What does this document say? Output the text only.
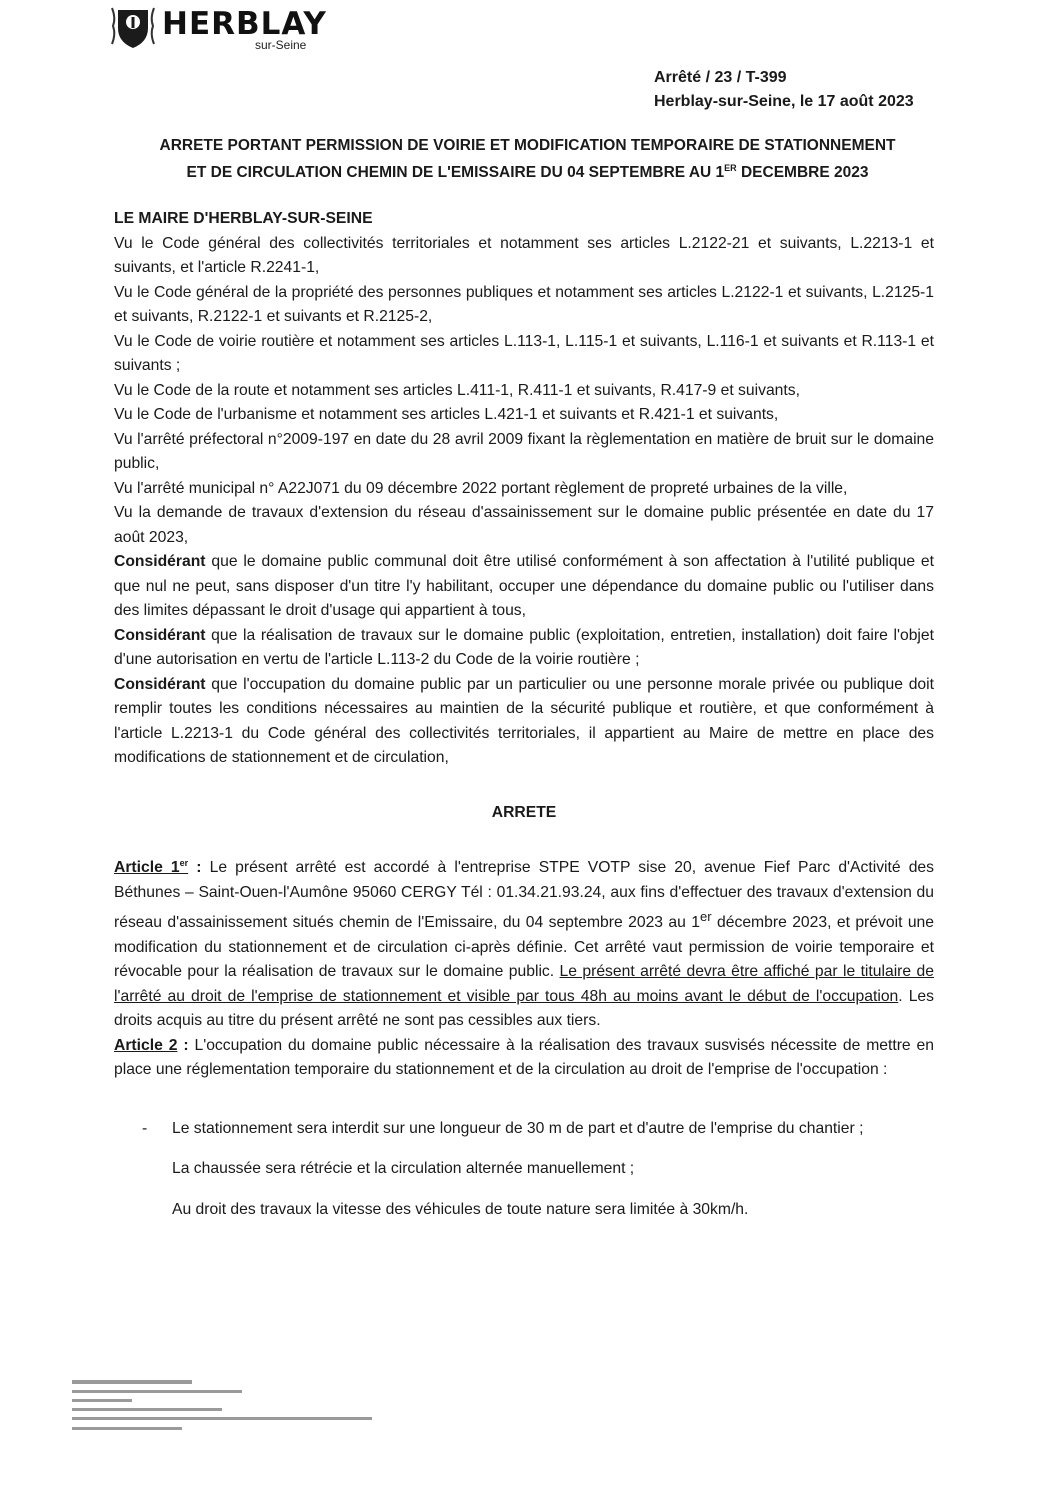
HERBLAY
sur-Seine
Arrêté / 23 / T-399
Herblay-sur-Seine, le 17 août 2023
ARRETE PORTANT PERMISSION DE VOIRIE ET MODIFICATION TEMPORAIRE DE STATIONNEMENT
ET DE CIRCULATION CHEMIN DE L'EMISSAIRE DU 04 SEPTEMBRE AU 1ER DECEMBRE 2023

LE MAIRE D'HERBLAY-SUR-SEINE

Vu le Code général des collectivités territoriales et notamment ses articles L.2122-21 et suivants, L.2213-1 et suivants, et l'article R.2241-1,

Vu le Code général de la propriété des personnes publiques et notamment ses articles L.2122-1 et suivants, L.2125-1 et suivants, R.2122-1 et suivants et R.2125-2,

Vu le Code de voirie routière et notamment ses articles L.113-1, L.115-1 et suivants, L.116-1 et suivants et R.113-1 et suivants ;

Vu le Code de la route et notamment ses articles L.411-1, R.411-1 et suivants, R.417-9 et suivants,

Vu le Code de l'urbanisme et notamment ses articles L.421-1 et suivants et R.421-1 et suivants,

Vu l'arrêté préfectoral n°2009-197 en date du 28 avril 2009 fixant la règlementation en matière de bruit sur le domaine public,

Vu l'arrêté municipal n° A22J071 du 09 décembre 2022 portant règlement de propreté urbaines de la ville,

Vu la demande de travaux d'extension du réseau d'assainissement sur le domaine public présentée en date du 17 août 2023,

Considérant que le domaine public communal doit être utilisé conformément à son affectation à l'utilité publique et que nul ne peut, sans disposer d'un titre l'y habilitant, occuper une dépendance du domaine public ou l'utiliser dans des limites dépassant le droit d'usage qui appartient à tous,

Considérant que la réalisation de travaux sur le domaine public (exploitation, entretien, installation) doit faire l'objet d'une autorisation en vertu de l'article L.113-2 du Code de la voirie routière ;

Considérant que l'occupation du domaine public par un particulier ou une personne morale privée ou publique doit remplir toutes les conditions nécessaires au maintien de la sécurité publique et routière, et que conformément à l'article L.2213-1 du Code général des collectivités territoriales, il appartient au Maire de mettre en place des modifications de stationnement et de circulation,

ARRETE

Article 1er : Le présent arrêté est accordé à l'entreprise STPE VOTP sise 20, avenue Fief Parc d'Activité des Béthunes – Saint-Ouen-l'Aumône 95060 CERGY Tél : 01.34.21.93.24, aux fins d'effectuer des travaux d'extension du réseau d'assainissement situés chemin de l'Emissaire, du 04 septembre 2023 au 1er décembre 2023, et prévoit une modification du stationnement et de circulation ci-après définie. Cet arrêté vaut permission de voirie temporaire et révocable pour la réalisation de travaux sur le domaine public. Le présent arrêté devra être affiché par le titulaire de l'arrêté au droit de l'emprise de stationnement et visible par tous 48h au moins avant le début de l'occupation. Les droits acquis au titre du présent arrêté ne sont pas cessibles aux tiers.

Article 2 : L'occupation du domaine public nécessaire à la réalisation des travaux susvisés nécessite de mettre en place une réglementation temporaire du stationnement et de la circulation au droit de l'emprise de l'occupation :

- Le stationnement sera interdit sur une longueur de 30 m de part et d'autre de l'emprise du chantier ;
La chaussée sera rétrécie et la circulation alternée manuellement ;
Au droit des travaux la vitesse des véhicules de toute nature sera limitée à 30km/h.
